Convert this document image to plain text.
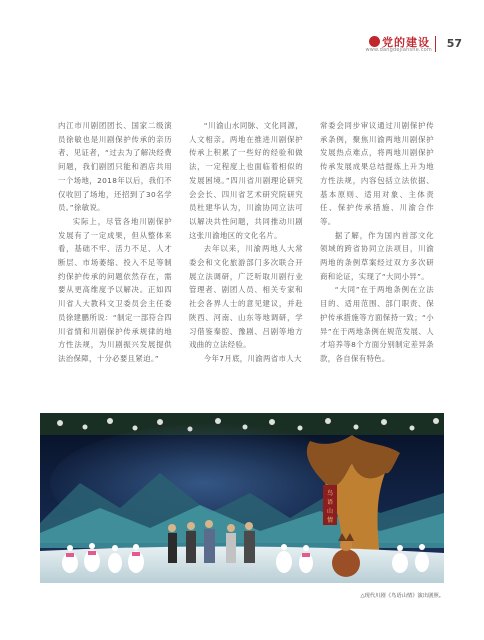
党的建设
www.dangdejianshe.com 57

内江市川剧团团长、国家二级演员徐敏也是川剧保护传承的亲历者、见证者，“过去为了解决经费问题，我们剧团只能和酒店共用一个场地，2018年以后，我们不仅收回了场地，还招到了30名学员。”徐敏说。

实际上，尽管各地川剧保护发展有了一定成果，但从整体来看，基础不牢、活力不足、人才断层、市场萎缩、投入不足等制约保护传承的问题依然存在，需要从更高维度予以解决。正如四川省人大教科文卫委员会主任委员徐建鹏所说：“制定一部符合四川省情和川剧保护传承规律的地方性法规，为川剧振兴发展提供法治保障，十分必要且紧迫。”

“川渝山水同脉、文化同源，人文相亲。两地在推进川剧保护传承上积累了一些好的经验和做法，一定程度上也面临着相似的发展困境。”四川省川剧理论研究会会长、四川省艺术研究院研究员杜建华认为，川渝协同立法可以解决共性问题，共同推动川剧这张川渝地区的文化名片。

去年以来，川渝两地人大常委会和文化旅游部门多次联合开展立法调研，广泛听取川剧行业管理者、剧团人员、相关专家和社会各界人士的意见建议，并赴陕西、河南、山东等地调研，学习借鉴秦腔、豫剧、吕剧等地方戏曲的立法经验。

今年7月底，川渝两省市人大

常委会同步审议通过川剧保护传承条例，聚焦川渝两地川剧保护发展热点难点，将两地川剧保护传承发展成果总结提炼上升为地方性法规，内容包括立法依据、基本原则、适用对象、主体责任、保护传承措施、川渝合作等。

据了解，作为国内首部文化领域的跨省协同立法项目，川渝两地的条例草案经过双方多次研商和论证，实现了“大同小异”。

“大同”在于两地条例在立法目的、适用范围、部门职责、保护传承措施等方面保持一致；“小异”在于两地条例在规范发展、人才培养等8个方面分别制定差异条款，各自保有特色。

鸟
语
山
情
△现代川剧《鸟语山情》演出剧照。
